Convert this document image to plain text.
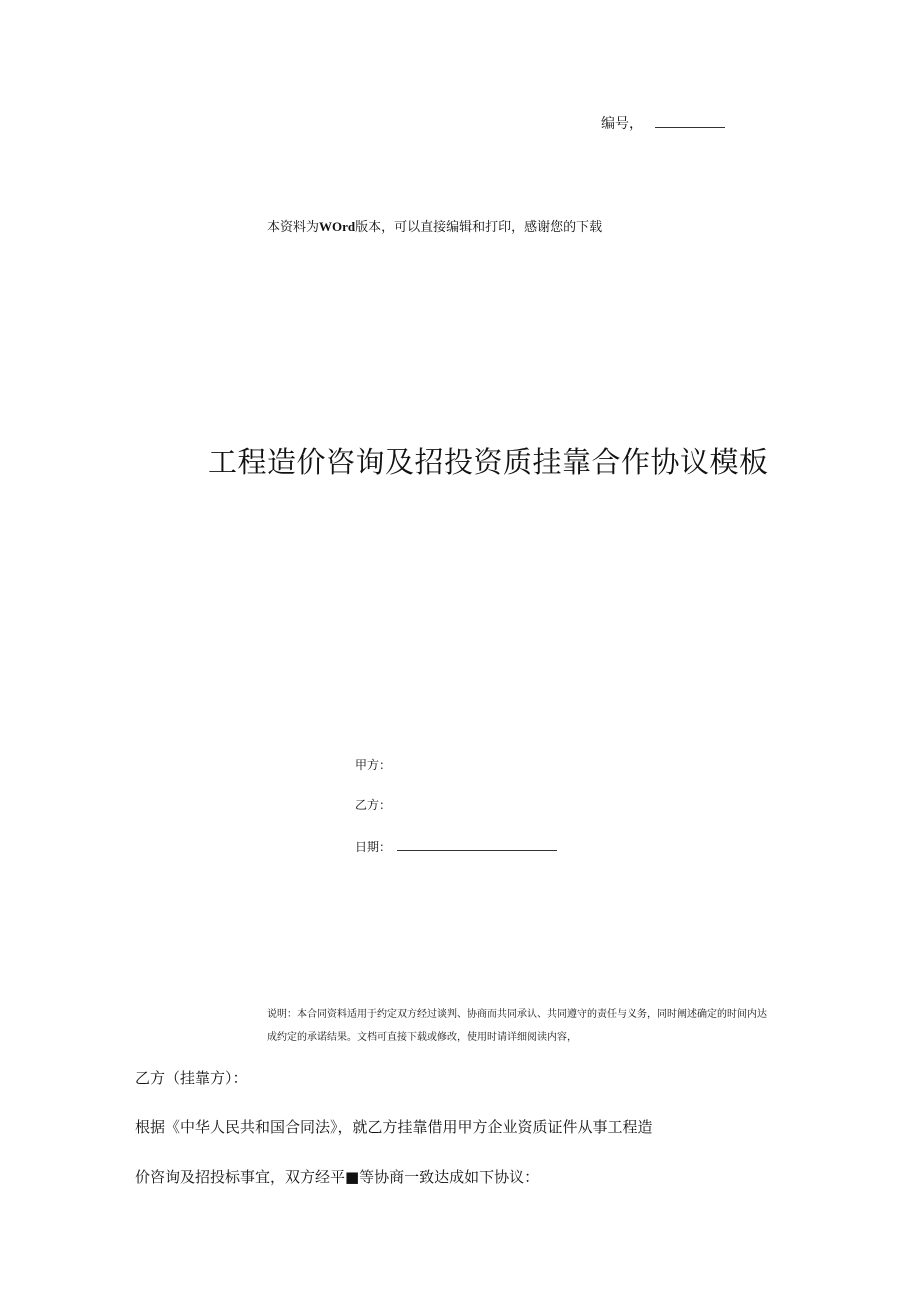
编号，
本资料为WOrd版本，可以直接编辑和打印，感谢您的下载
工程造价咨询及招投资质挂靠合作协议模板
甲方：
乙方：
日期：
说明：本合同资料适用于约定双方经过谈判、协商而共同承认、共同遵守的责任与义务，同时阐述确定的时间内达
成约定的承诺结果。文档可直接下载或修改，使用时请详细阅读内容，
乙方（挂靠方）：
根据《中华人民共和国合同法》，就乙方挂靠借用甲方企业资质证件从事工程造
价咨询及招投标事宜，双方经平■等协商一致达成如下协议：
